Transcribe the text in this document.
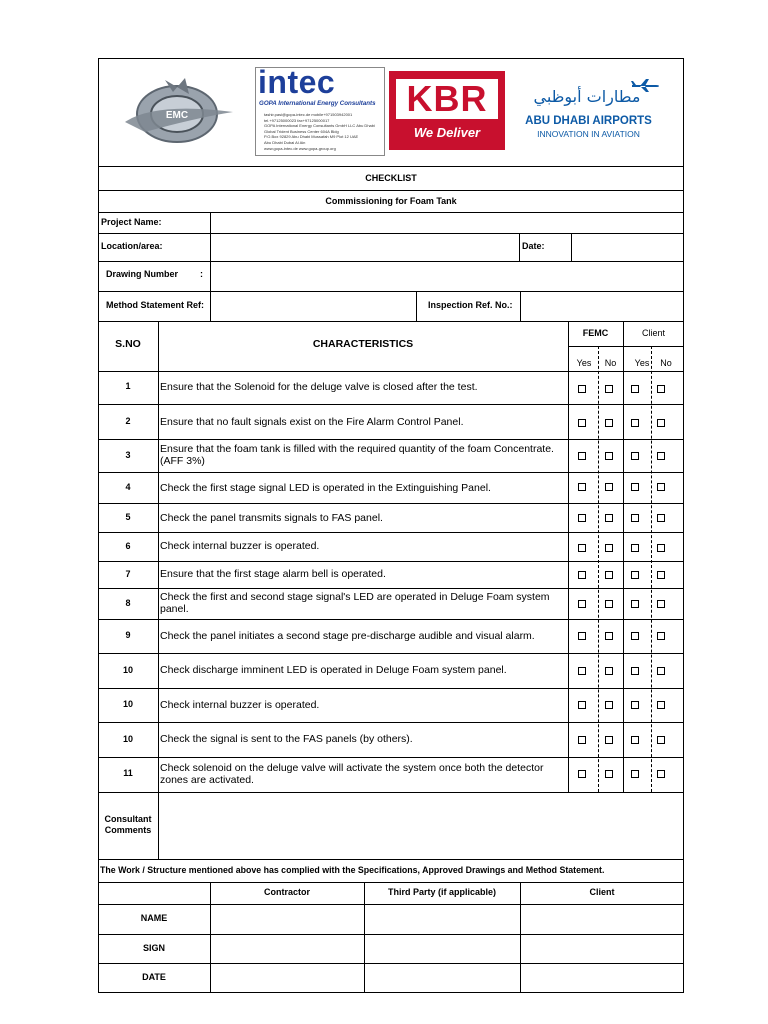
EMC
intec
GOPA International Energy Consultants
tashir.pasi@gopa-intec.de mobile+971503942001
tel.+97125000023 fax+97125000017
GOPA International Energy Consultants GmbH LLC Abu Dhabi
Global Trident Business Center 604A Bldg
P.O.Box 92829 Abu Dhabi Mussafah M9 Plot 12 UAE
Abu Dhabi Dubai Al Ain
www.gopa-intec.de www.gopa-group.org
KBR
We Deliver
مطارات أبوظبي
ABU DHABI AIRPORTS
INNOVATION IN AVIATION
CHECKLIST
Commissioning for Foam Tank
Project Name:
Location/area:	Date:
Drawing Number :
Method Statement Ref:	Inspection Ref. No.:
S.NO	CHARACTERISTICS
FEMC	Client
Yes	No	Yes	No
1	Ensure that the Solenoid for the deluge valve is closed after the test.
2	Ensure that no fault signals exist on the Fire Alarm Control Panel.
3	Ensure that the foam tank is filled with the required quantity of the foam Concentrate.(AFF 3%)
4	Check the first stage signal LED is operated in the Extinguishing Panel.
5	Check the panel transmits signals to FAS panel.
6	Check internal buzzer is operated.
7	Ensure that the first stage alarm bell is operated.
8	Check the first and second stage signal's LED are operated in Deluge Foam system panel.
9	Check the panel initiates a second stage pre-discharge audible and visual alarm.
10	Check discharge imminent LED is operated in Deluge Foam system panel.
10	Check internal buzzer is operated.
10	Check the signal is sent to the FAS panels (by others).
11	Check solenoid on the deluge valve will activate the system once both the detector zones are activated.
Consultant Comments
The Work / Structure mentioned above has complied with the Specifications, Approved Drawings and Method Statement.
Contractor	Third Party (if applicable)	Client
NAME
SIGN
DATE
